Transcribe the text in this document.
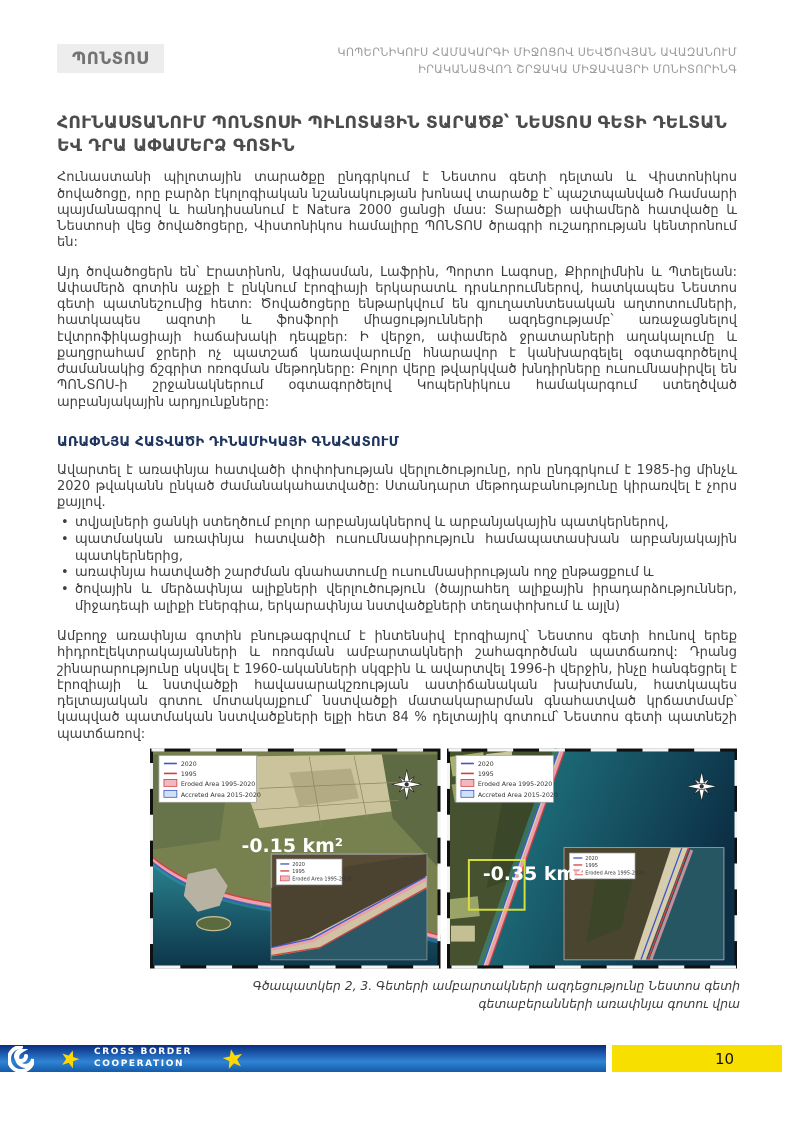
ՊՈՆՏՈՍ	ԿՈՊԵՐՆԻԿՈՒՍ ՀԱՄԱԿԱՐԳԻ ՄԻՋՈՑՈՎ ՍԵՎԾՈՎՅԱՆ ԱՎԱԶԱՆՈՒՄ
ԻՐԱԿԱՆԱՑՎՈՂ ՇՐՋԱԿԱ ՄԻՋԱՎԱՅՐԻ ՄՈՆԻՏՈՐԻՆԳ
ՀՈՒՆԱՍՏԱՆՈՒՄ ՊՈՆՏՈՍԻ ՊԻԼՈՏԱՅԻՆ ՏԱՐԱԾՔ՝ ՆԵՍՏՈՍ ԳԵՏԻ ԴԵԼՏԱՆ ԵՎ ԴՐԱ ԱՓԱՄԵՐՁ ԳՈՏԻՆ

Հունաստանի պիլոտային տարածքը ընդգրկում է Նեստոս գետի դելտան և Վիստոնիկոս ծովածոցը, որը բարձր էկոլոգիական նշանակության խոնավ տարածք է՝ պաշտպանված Ռամսարի պայմանագրով և հանդիսանում է Natura 2000 ցանցի մաս: Տարածքի ափամերձ հատվածը և Նեստոսի վեց ծովածոցերը, Վիստոնիկոս համալիրը ՊՈՆՏՈՍ ծրագրի ուշադրության կենտրոնում են:

Այդ ծովածոցերն են՝ Էրատինոն, Ագիասման, Լաֆրին, Պորտո Լագոսը, Քիրոլիմնին և Պտելեան: Ափամերձ գոտին աչքի է ընկնում էրոզիայի երկարատև դրսևորումներով, հատկապես Նեստոս գետի պատնեշումից հետո: Ծովածոցերը ենթարկվում են գյուղատնտեսական աղտոտումների, հատկապես ազոտի և ֆոսֆորի միացությունների ազդեցությամբ՝ առաջացնելով էվտրոֆիկացիայի հաճախակի դեպքեր: Ի վերջո, ափամերձ ջրատարների աղակալումը և քաղցրահամ ջրերի ոչ պատշաճ կառավարումը հնարավոր է կանխարգելել օգտագործելով ժամանակից ճշգրիտ ոռոգման մեթոդները: Բոլոր վերը թվարկված խնդիրները ուսումնասիրվել են ՊՈՆՏՈՍ-ի շրջանակներում օգտագործելով Կոպերնիկուս համակարգում ստեղծված արբանյակային արդյունքները:

ԱՌԱՓՆՅԱ ՀԱՏՎԱԾԻ ԴԻՆԱՄԻԿԱՅԻ ԳՆԱՀԱՏՈՒՄ

Ավարտել է առափնյա հատվածի փոփոխության վերլուծությունը, որն ընդգրկում է 1985-ից մինչև 2020 թվականն ընկած ժամանակահատվածը: Ստանդարտ մեթոդաբանությունը կիրառվել է չորս քայլով.

• տվյալների ցանկի ստեղծում բոլոր արբանյակներով և արբանյակային պատկերներով,
• պատմական առափնյա հատվածի ուսումնասիրություն համապատասխան արբանյակային պատկերներից,
• առափնյա հատվածի շարժման գնահատումը ուսումնասիրության ողջ ընթացքում և
• ծովային և մերձափնյա ալիքների վերլուծություն (ծայրահեղ ալիքային իրադարձություններ, միջադեպի ալիքի էներգիա, երկարափնյա նստվածքների տեղափոխում և այլն)

Ամբողջ առափնյա գոտին բնութագրվում է ինտենսիվ էրոզիայով՝ Նեստոս գետի հունով երեք հիդրոէլեկտրակայանների և ոռոգման ամբարտակների շահագործման պատճառով: Դրանց շինարարությունը սկսվել է 1960-ականների սկզբին և ավարտվել 1996-ի վերջին, ինչը հանգեցրել է էրոզիայի և նստվածքի հավասարակշռության աստիճանական խախտման, հատկապես դելտայական գոտու մոտակայքում՝ նստվածքի մատակարարման գնահատված կրճատմամբ՝ կապված պատմական նստվածքների ելքի հետ 84 % դելտայիկ գոտում՝ Նեստոս գետի պատնեշի պատճառով:

2020
1995
Eroded Area 1995-2020
2020
1995
Eroded Area 1995-2020
Accreted Area 2015-2020
-0.15 km²
2020
1995
Eroded Area 1995-2020
2020
1995
Eroded Area 1995-2020
Accreted Area 2015-2020
-0.35 km²
Գծապատկեր 2, 3. Գետերի ամբարտակների ազդեցությունը Նեստոս գետի
գետաբերանների առափնյա գոտու վրա
CROSS BORDER
COOPERATION	10
